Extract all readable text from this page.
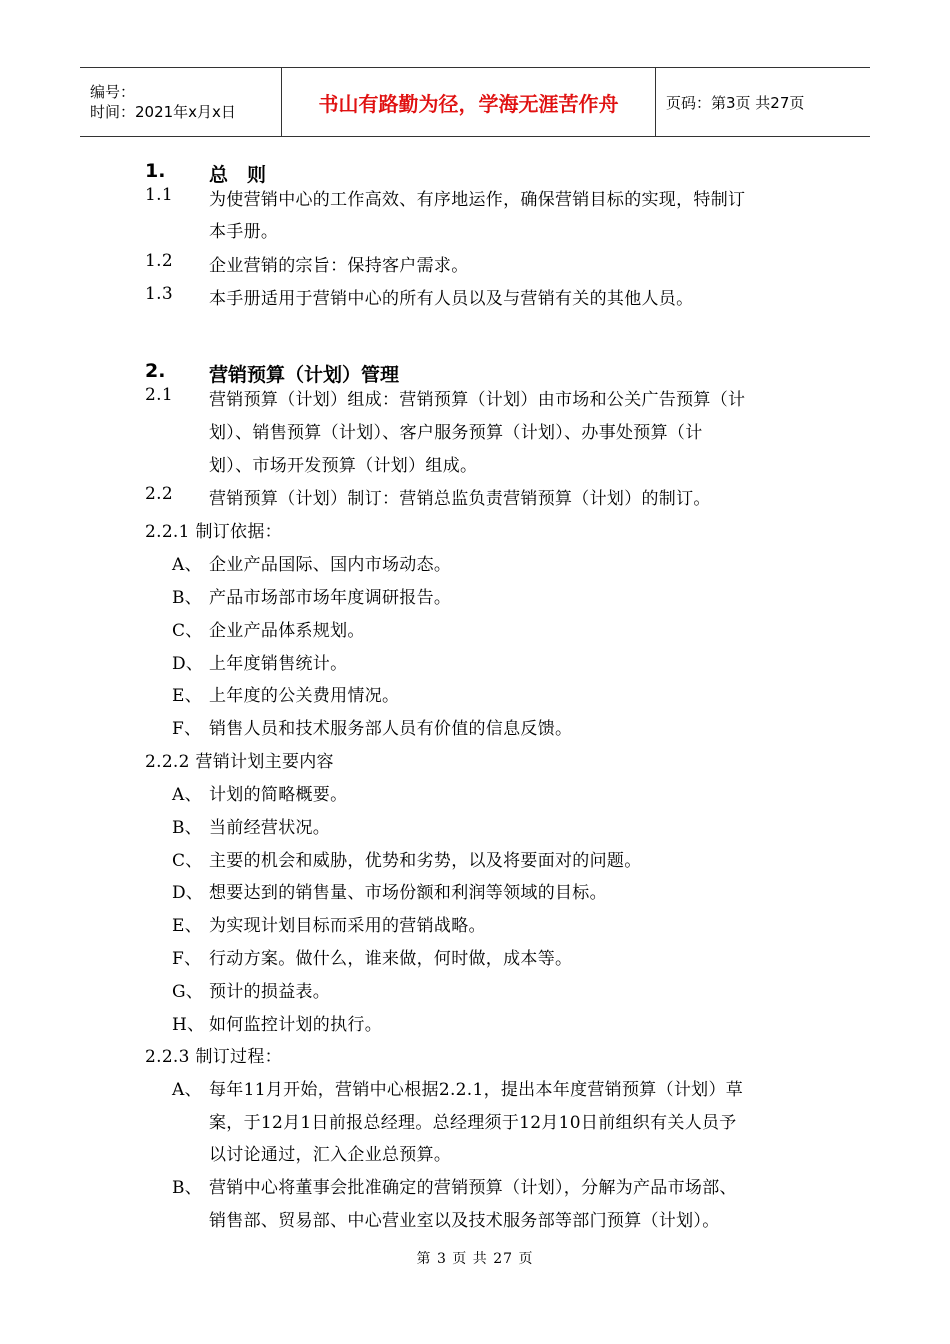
编号：
时间：2021年x月x日	书山有路勤为径，学海无涯苦作舟	页码：第3页 共27页
1. 总　则
1.1 为使营销中心的工作高效、有序地运作，确保营销目标的实现，特制订
本手册。
1.2 企业营销的宗旨：保持客户需求。
1.3 本手册适用于营销中心的所有人员以及与营销有关的其他人员。
2. 营销预算（计划）管理
2.1 营销预算（计划）组成：营销预算（计划）由市场和公关广告预算（计
划）、销售预算（计划）、客户服务预算（计划）、办事处预算（计
划）、市场开发预算（计划）组成。
2.2 营销预算（计划）制订：营销总监负责营销预算（计划）的制订。
2.2.1 制订依据：
A、 企业产品国际、国内市场动态。
B、 产品市场部市场年度调研报告。
C、 企业产品体系规划。
D、 上年度销售统计。
E、 上年度的公关费用情况。
F、 销售人员和技术服务部人员有价值的信息反馈。
2.2.2 营销计划主要内容
A、 计划的简略概要。
B、 当前经营状况。
C、 主要的机会和威胁，优势和劣势，以及将要面对的问题。
D、 想要达到的销售量、市场份额和利润等领域的目标。
E、 为实现计划目标而采用的营销战略。
F、 行动方案。做什么，谁来做，何时做，成本等。
G、 预计的损益表。
H、 如何监控计划的执行。
2.2.3 制订过程：
A、 每年11月开始，营销中心根据2.2.1，提出本年度营销预算（计划）草
案，于12月1日前报总经理。总经理须于12月10日前组织有关人员予
以讨论通过，汇入企业总预算。
B、 营销中心将董事会批准确定的营销预算（计划），分解为产品市场部、
销售部、贸易部、中心营业室以及技术服务部等部门预算（计划）。
第 3 页 共 27 页
